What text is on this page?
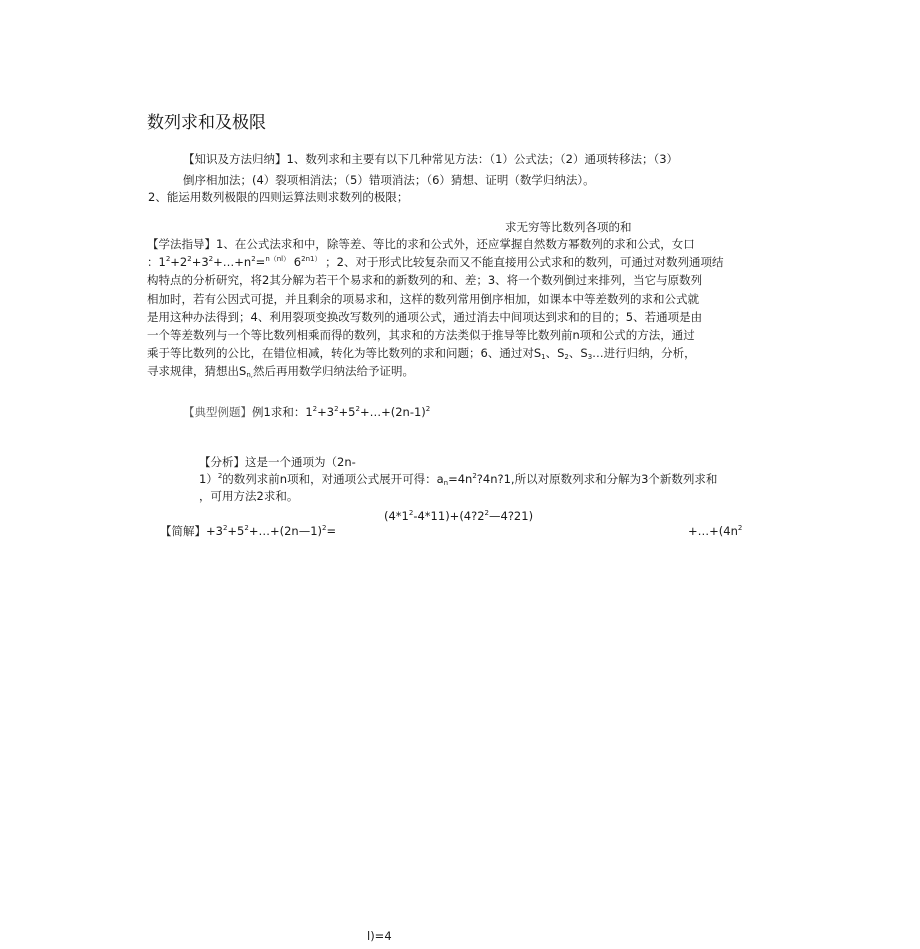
数列求和及极限
【知识及方法归纳】1、数列求和主要有以下几种常见方法：（1）公式法；（2）通项转移法；（3）
倒序相加法；(4）裂项相消法；（5）错项消法；（6）猜想、证明（数学归纳法）。
2、能运用数列极限的四则运算法则求数列的极限；
求无穷等比数列各项的和
【学法指导】1、在公式法求和中，除等差、等比的求和公式外，还应掌握自然数方幂数列的求和公式，女口
：$1^2+2^2+3^2+\dots+n^2=^{n(nl)}$ $6^{2n1)}$ ；2、对于形式比较复杂而又不能直接用公式求和的数列，可通过对数列通项结
构特点的分析研究，将2其分解为若干个易求和的新数列的和、差；3、将一个数列倒过来排列，当它与原数列
相加时，若有公因式可提，并且剩余的项易求和，这样的数列常用倒序相加，如课本中等差数列的求和公式就
是用这种办法得到；4、利用裂项变换改写数列的通项公式，通过消去中间项达到求和的目的；5、若通项是由
一个等差数列与一个等比数列相乘而得的数列，其求和的方法类似于推导等比数列前n项和公式的方法，通过
乘于等比数列的公比，在错位相减，转化为等比数列的求和问题；6、通过对$S_1$、$S_2$、$S_3\dots$进行归纳，分析，
寻求规律，猜想出$S_{n,}$然后再用数学归纳法给予证明。
【典型例题】例1求和：$1^2+3^2+5^2+\dots+(2n-1)^2$
【分析】这是一个通项为（2n-
1）$^2$的数列求前n项和，对通项公式展开可得：$a_n=4n^2?4n?1$,所以对原数列求和分解为3个新数列求和
，可用方法2求和。
$(4*1^2-4*11)+(4?2^2—4?21)$
【简解】$+3^2+5^2+\dots+(2n—1)^2=$	$+\dots+(4n^2$
l)=4
